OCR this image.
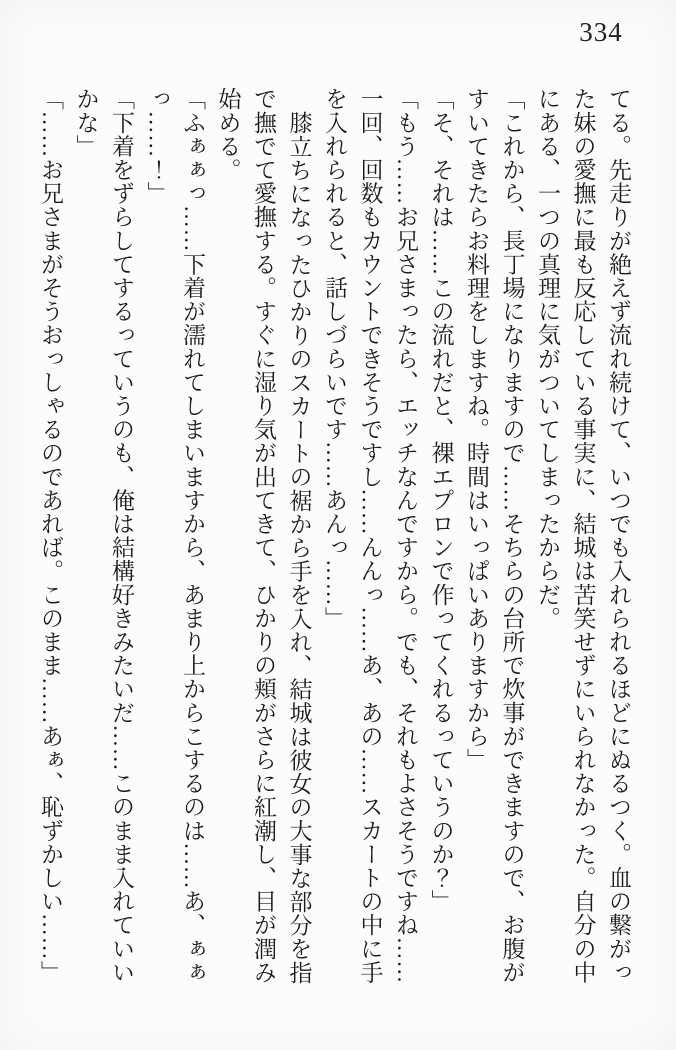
334
てる。先走りが絶えず流れ続けて、いつでも入れられるほどにぬるつく。血の繋がっ
た妹の愛撫に最も反応している事実に、結城は苦笑せずにいられなかった。自分の中
にある、一つの真理に気がついてしまったからだ。
「これから、長丁場になりますので……そちらの台所で炊事ができますので、お腹が
すいてきたらお料理をしますね。時間はいっぱいありますから」
「そ、それは……この流れだと、裸エプロンで作ってくれるっていうのか？」
「もう……お兄さまったら、エッチなんですから。でも、それもよさそうですね……
一回、回数もカウントできそうですし……んんっ……あ、あの……スカートの中に手
を入れられると、話しづらいです……あんっ……」
膝立ちになったひかりのスカートの裾から手を入れ、結城は彼女の大事な部分を指
で撫でて愛撫する。すぐに湿り気が出てきて、ひかりの頬がさらに紅潮し、目が潤み
始める。
「ふぁぁっ……下着が濡れてしまいますから、あまり上からこするのは……あ、ぁぁ
っ……！」
「下着をずらしてするっていうのも、俺は結構好きみたいだ……このまま入れていい
かな」
「……お兄さまがそうおっしゃるのであれば。このまま……あぁ、恥ずかしい……」
